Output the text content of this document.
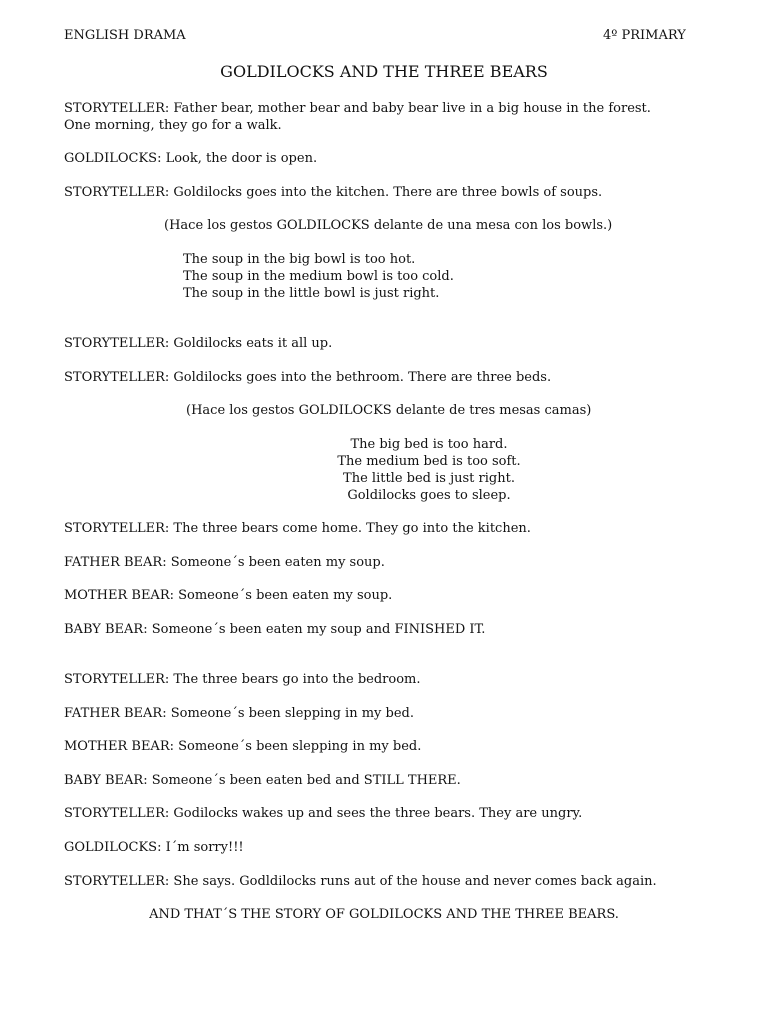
ENGLISH DRAMA	4º PRIMARY
GOLDILOCKS AND THE THREE BEARS
STORYTELLER: Father bear, mother bear and baby bear live in a big house in the forest.
One morning, they go for a walk.
GOLDILOCKS: Look, the door is open.
STORYTELLER: Goldilocks goes into the kitchen. There are three bowls of soups.
(Hace los gestos GOLDILOCKS delante de una mesa con los bowls.)
The soup in the big bowl is too hot.
The soup in the medium bowl is too cold.
The soup in the little bowl is just right.
STORYTELLER: Goldilocks eats it all up.
STORYTELLER: Goldilocks goes into the bethroom. There are three beds.
(Hace los gestos GOLDILOCKS delante de tres mesas camas)
The big bed is too hard.
The medium bed is too soft.
The little bed is just right.
Goldilocks goes to sleep.
STORYTELLER: The three bears come home. They go into the kitchen.
FATHER BEAR: Someone´s been eaten my soup.
MOTHER BEAR: Someone´s been eaten my soup.
BABY BEAR: Someone´s been eaten my soup and FINISHED IT.
STORYTELLER: The three bears go into the bedroom.
FATHER BEAR: Someone´s been slepping in my bed.
MOTHER BEAR: Someone´s been slepping in my bed.
BABY BEAR: Someone´s been eaten bed and STILL THERE.
STORYTELLER: Godilocks wakes up and sees the three bears. They are ungry.
GOLDILOCKS: I´m sorry!!!
STORYTELLER: She says. Godldilocks runs aut of the house and never comes back again.
AND THAT´S THE STORY OF GOLDILOCKS AND THE THREE BEARS.
